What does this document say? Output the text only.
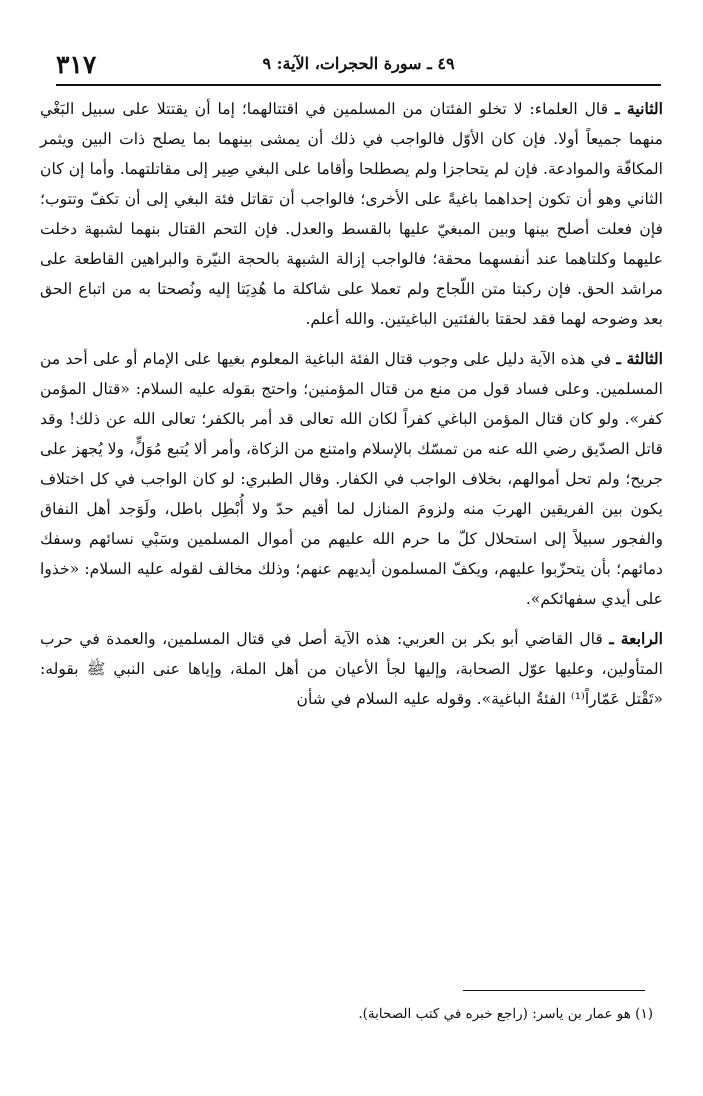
٣١٧	٤٩ ـ سورة الحجرات، الآية: ٩

الثانية ـ قال العلماء: لا تخلو الفئتان من المسلمين في اقتتالهما؛ إما أن يقتتلا على سبيل البَغْي منهما جميعاً أولا. فإن كان الأوّل فالواجب في ذلك أن يمشى بينهما بما يصلح ذات البين ويثمر المكافّة والموادعة. فإن لم يتحاجزا ولم يصطلحا وأقاما على البغي صِير إلى مقاتلتهما. وأما إن كان الثاني وهو أن تكون إحداهما باغيةً على الأخرى؛ فالواجب أن تقاتل فئة البغي إلى أن تكفّ وتتوب؛ فإن فعلت أصلح بينها وبين المبغيّ عليها بالقسط والعدل. فإن التحم القتال بنهما لشبهة دخلت عليهما وكلتاهما عند أنفسهما محقة؛ فالواجب إزالة الشبهة بالحجة النيّرة والبراهين القاطعة على مراشد الحق. فإن ركبتا متن اللّجاج ولم تعملا على شاكلة ما هُدِيَتا إليه ونُصحتا به من اتباع الحق بعد وضوحه لهما فقد لحقتا بالفئتين الباغيتين. والله أعلم.

الثالثة ـ في هذه الآية دليل على وجوب قتال الفئة الباغية المعلوم بغيها على الإمام أو على أحد من المسلمين. وعلى فساد قول من منع من قتال المؤمنين؛ واحتج بقوله عليه السلام: «قتال المؤمن كفر». ولو كان قتال المؤمن الباغي كفراً لكان الله تعالى قد أمر بالكفر؛ تعالى الله عن ذلك! وقد قاتل الصدّيق رضي الله عنه من تمسّك بالإسلام وامتنع من الزكاة، وأمر ألا يُتبع مُوَلٍّ، ولا يُجهز على جريح؛ ولم تحل أموالهم، بخلاف الواجب في الكفار. وقال الطبري: لو كان الواجب في كل اختلاف يكون بين الفريقين الهربَ منه ولزومَ المنازل لما أقيم حدّ ولا أُبْطِل باطل، ولَوَجد أهل النفاق والفجور سبيلاً إلى استحلال كلّ ما حرم الله عليهم من أموال المسلمين وسَبْي نسائهم وسفك دمائهم؛ بأن يتحزّبوا عليهم، ويكفّ المسلمون أيديهم عنهم؛ وذلك مخالف لقوله عليه السلام: «خذوا على أيدي سفهائكم».

الرابعة ـ قال القاضي أبو بكر بن العربي: هذه الآية أصل في قتال المسلمين، والعمدة في حرب المتأولين، وعليها عوّل الصحابة، وإليها لجأ الأعيان من أهل الملة، وإياها عنى النبي ﷺ بقوله: «تَقْتل عَمّاراً⁽¹⁾ الفئةُ الباغية». وقوله عليه السلام في شأن

(١) هو عمار بن ياسر: (راجع خبره في كتب الصحابة).
